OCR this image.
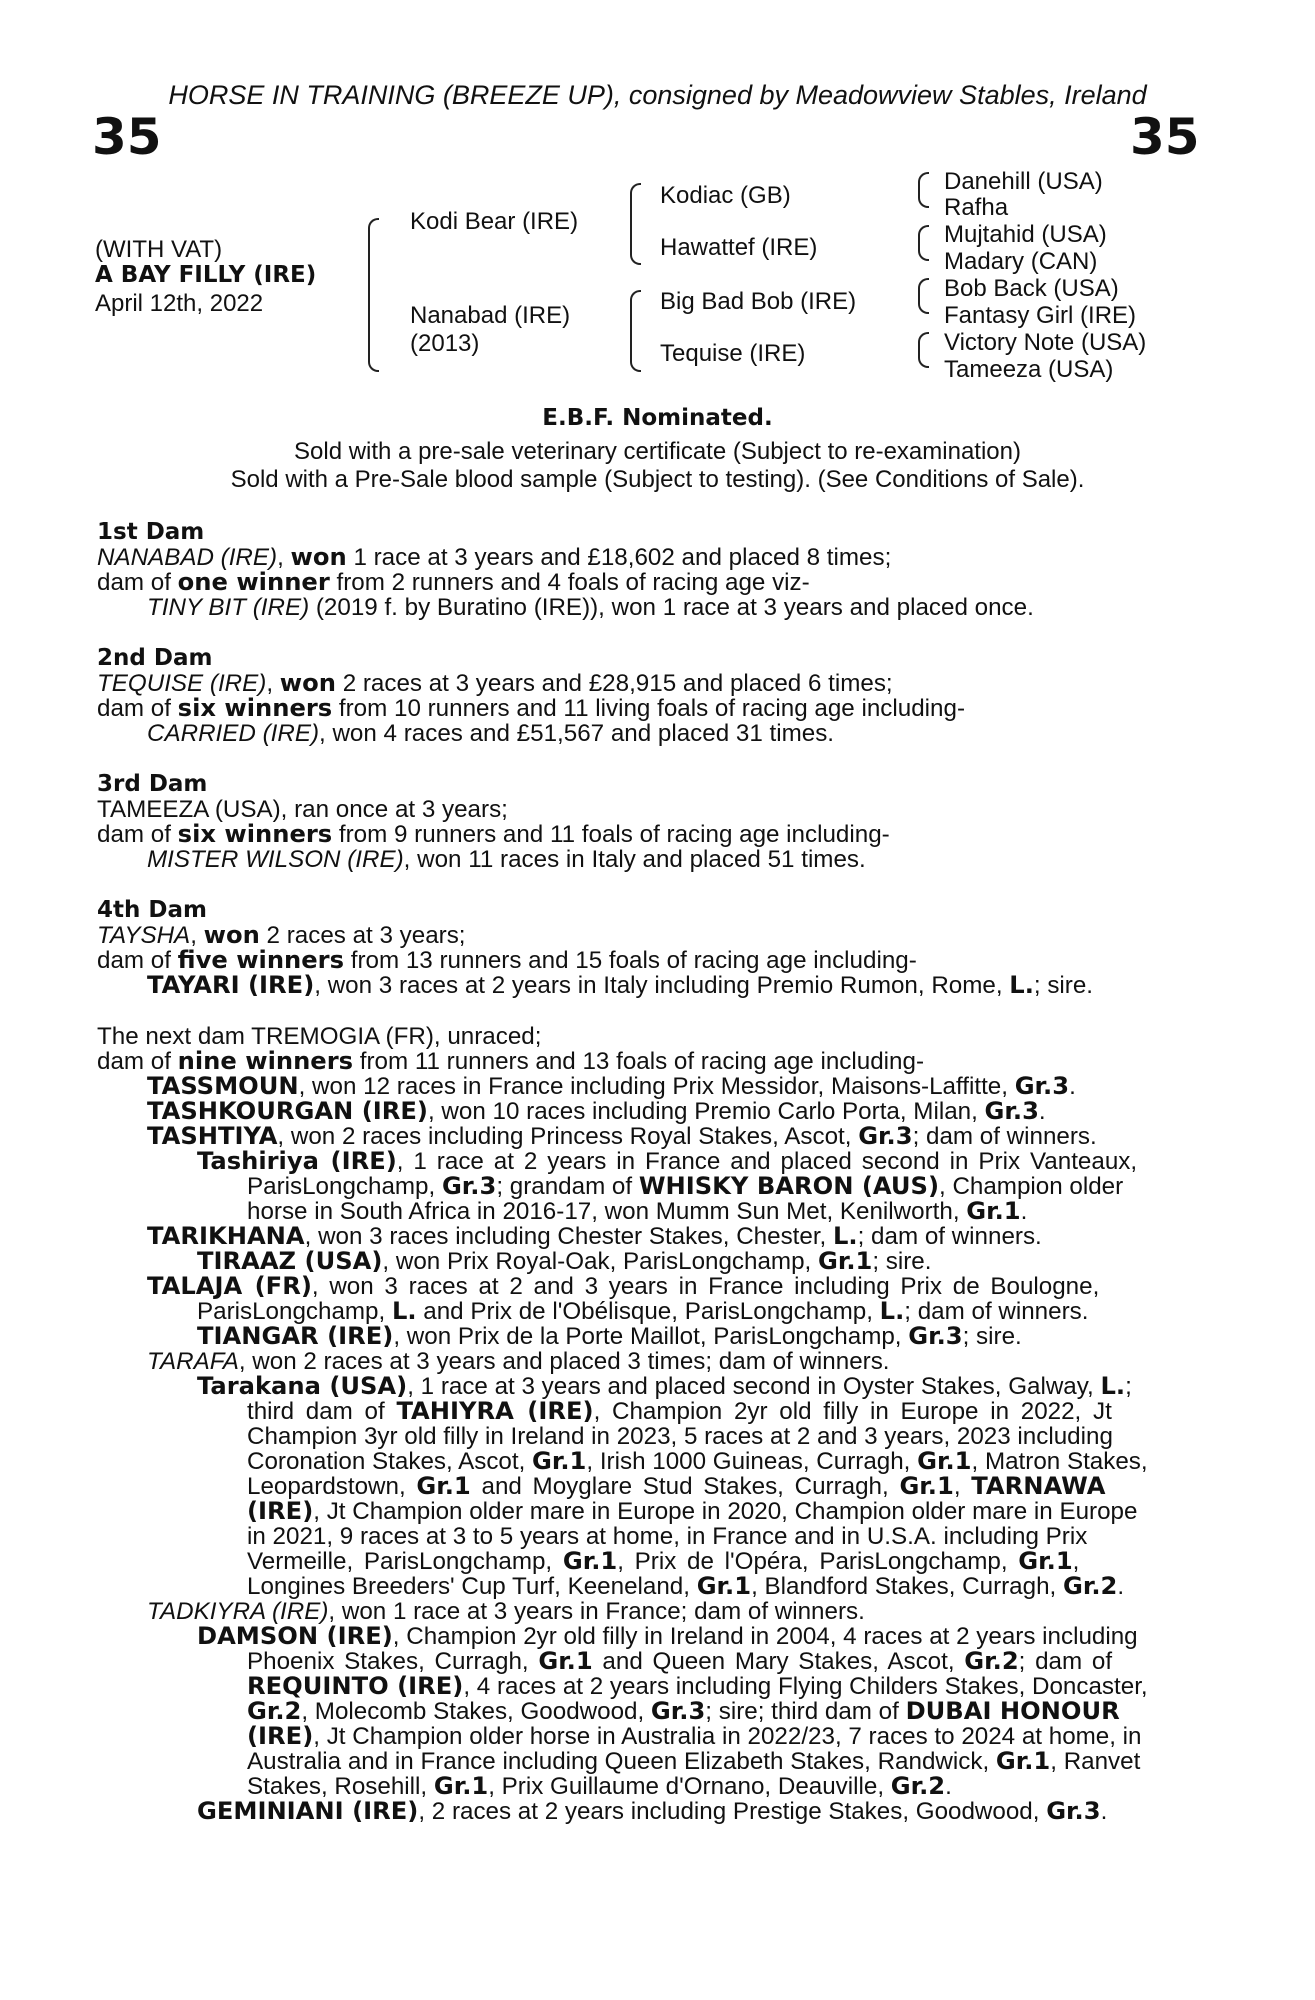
HORSE IN TRAINING (BREEZE UP), consigned by Meadowview Stables, Ireland
35	35
(WITH VAT)
A BAY FILLY (IRE)
April 12th, 2022
Kodi Bear (IRE)
Nanabad (IRE)
(2013)
Kodiac (GB)
Hawattef (IRE)
Big Bad Bob (IRE)
Tequise (IRE)
Danehill (USA)
Rafha
Mujtahid (USA)
Madary (CAN)
Bob Back (USA)
Fantasy Girl (IRE)
Victory Note (USA)
Tameeza (USA)
E.B.F. Nominated.
Sold with a pre-sale veterinary certificate (Subject to re-examination)
Sold with a Pre-Sale blood sample (Subject to testing). (See Conditions of Sale).
1st Dam
NANABAD (IRE), won 1 race at 3 years and £18,602 and placed 8 times;
dam of one winner from 2 runners and 4 foals of racing age viz-
TINY BIT (IRE) (2019 f. by Buratino (IRE)), won 1 race at 3 years and placed once.
2nd Dam
TEQUISE (IRE), won 2 races at 3 years and £28,915 and placed 6 times;
dam of six winners from 10 runners and 11 living foals of racing age including-
CARRIED (IRE), won 4 races and £51,567 and placed 31 times.
3rd Dam
TAMEEZA (USA), ran once at 3 years;
dam of six winners from 9 runners and 11 foals of racing age including-
MISTER WILSON (IRE), won 11 races in Italy and placed 51 times.
4th Dam
TAYSHA, won 2 races at 3 years;
dam of five winners from 13 runners and 15 foals of racing age including-
TAYARI (IRE), won 3 races at 2 years in Italy including Premio Rumon, Rome, L.; sire.
The next dam TREMOGIA (FR), unraced;
dam of nine winners from 11 runners and 13 foals of racing age including-
TASSMOUN, won 12 races in France including Prix Messidor, Maisons-Laffitte, Gr.3.
TASHKOURGAN (IRE), won 10 races including Premio Carlo Porta, Milan, Gr.3.
TASHTIYA, won 2 races including Princess Royal Stakes, Ascot, Gr.3; dam of winners.
Tashiriya (IRE), 1 race at 2 years in France and placed second in Prix Vanteaux,
ParisLongchamp, Gr.3; grandam of WHISKY BARON (AUS), Champion older
horse in South Africa in 2016-17, won Mumm Sun Met, Kenilworth, Gr.1.
TARIKHANA, won 3 races including Chester Stakes, Chester, L.; dam of winners.
TIRAAZ (USA), won Prix Royal-Oak, ParisLongchamp, Gr.1; sire.
TALAJA (FR), won 3 races at 2 and 3 years in France including Prix de Boulogne,
ParisLongchamp, L. and Prix de l'Obélisque, ParisLongchamp, L.; dam of winners.
TIANGAR (IRE), won Prix de la Porte Maillot, ParisLongchamp, Gr.3; sire.
TARAFA, won 2 races at 3 years and placed 3 times; dam of winners.
Tarakana (USA), 1 race at 3 years and placed second in Oyster Stakes, Galway, L.;
third dam of TAHIYRA (IRE), Champion 2yr old filly in Europe in 2022, Jt
Champion 3yr old filly in Ireland in 2023, 5 races at 2 and 3 years, 2023 including
Coronation Stakes, Ascot, Gr.1, Irish 1000 Guineas, Curragh, Gr.1, Matron Stakes,
Leopardstown, Gr.1 and Moyglare Stud Stakes, Curragh, Gr.1, TARNAWA
(IRE), Jt Champion older mare in Europe in 2020, Champion older mare in Europe
in 2021, 9 races at 3 to 5 years at home, in France and in U.S.A. including Prix
Vermeille, ParisLongchamp, Gr.1, Prix de l'Opéra, ParisLongchamp, Gr.1,
Longines Breeders' Cup Turf, Keeneland, Gr.1, Blandford Stakes, Curragh, Gr.2.
TADKIYRA (IRE), won 1 race at 3 years in France; dam of winners.
DAMSON (IRE), Champion 2yr old filly in Ireland in 2004, 4 races at 2 years including
Phoenix Stakes, Curragh, Gr.1 and Queen Mary Stakes, Ascot, Gr.2; dam of
REQUINTO (IRE), 4 races at 2 years including Flying Childers Stakes, Doncaster,
Gr.2, Molecomb Stakes, Goodwood, Gr.3; sire; third dam of DUBAI HONOUR
(IRE), Jt Champion older horse in Australia in 2022/23, 7 races to 2024 at home, in
Australia and in France including Queen Elizabeth Stakes, Randwick, Gr.1, Ranvet
Stakes, Rosehill, Gr.1, Prix Guillaume d'Ornano, Deauville, Gr.2.
GEMINIANI (IRE), 2 races at 2 years including Prestige Stakes, Goodwood, Gr.3.
